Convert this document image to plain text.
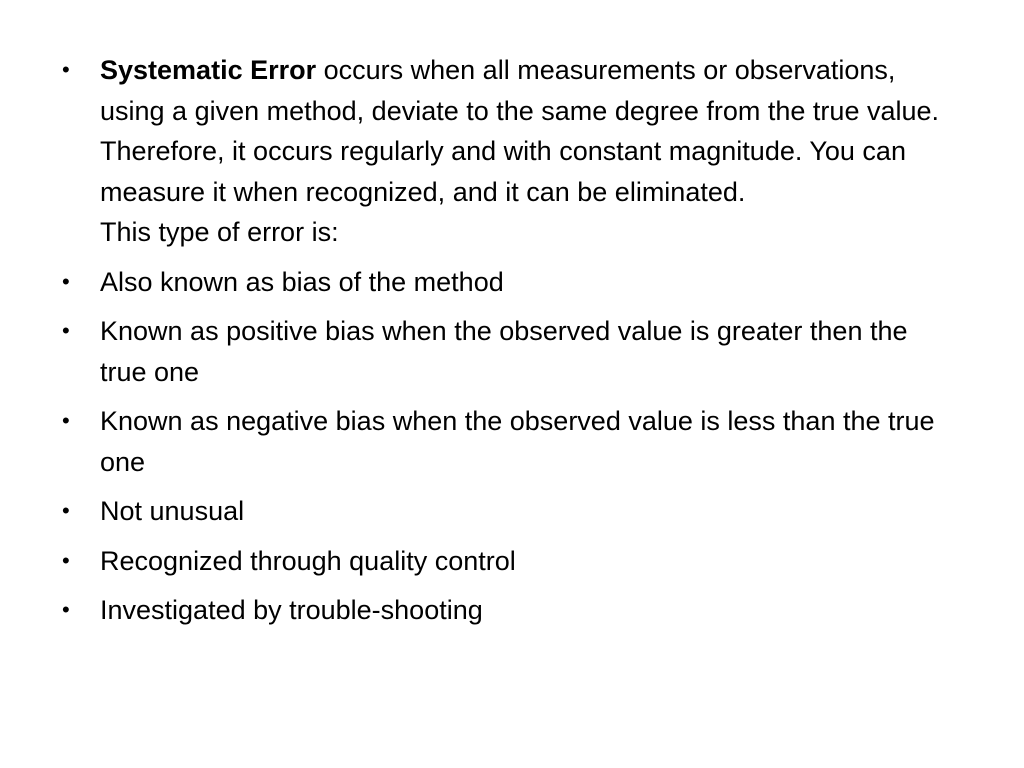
•	Systematic Error occurs when all measurements or observations, using a given method, deviate to the same degree from the true value. Therefore, it occurs regularly and with constant magnitude. You can measure it when recognized, and it can be eliminated.
This type of error is:
•	Also known as bias of the method
•	Known as positive bias when the observed value is greater then the true one
•	Known as negative bias when the observed value is less than the true one
•	Not unusual
•	Recognized through quality control
•	Investigated by trouble-shooting
